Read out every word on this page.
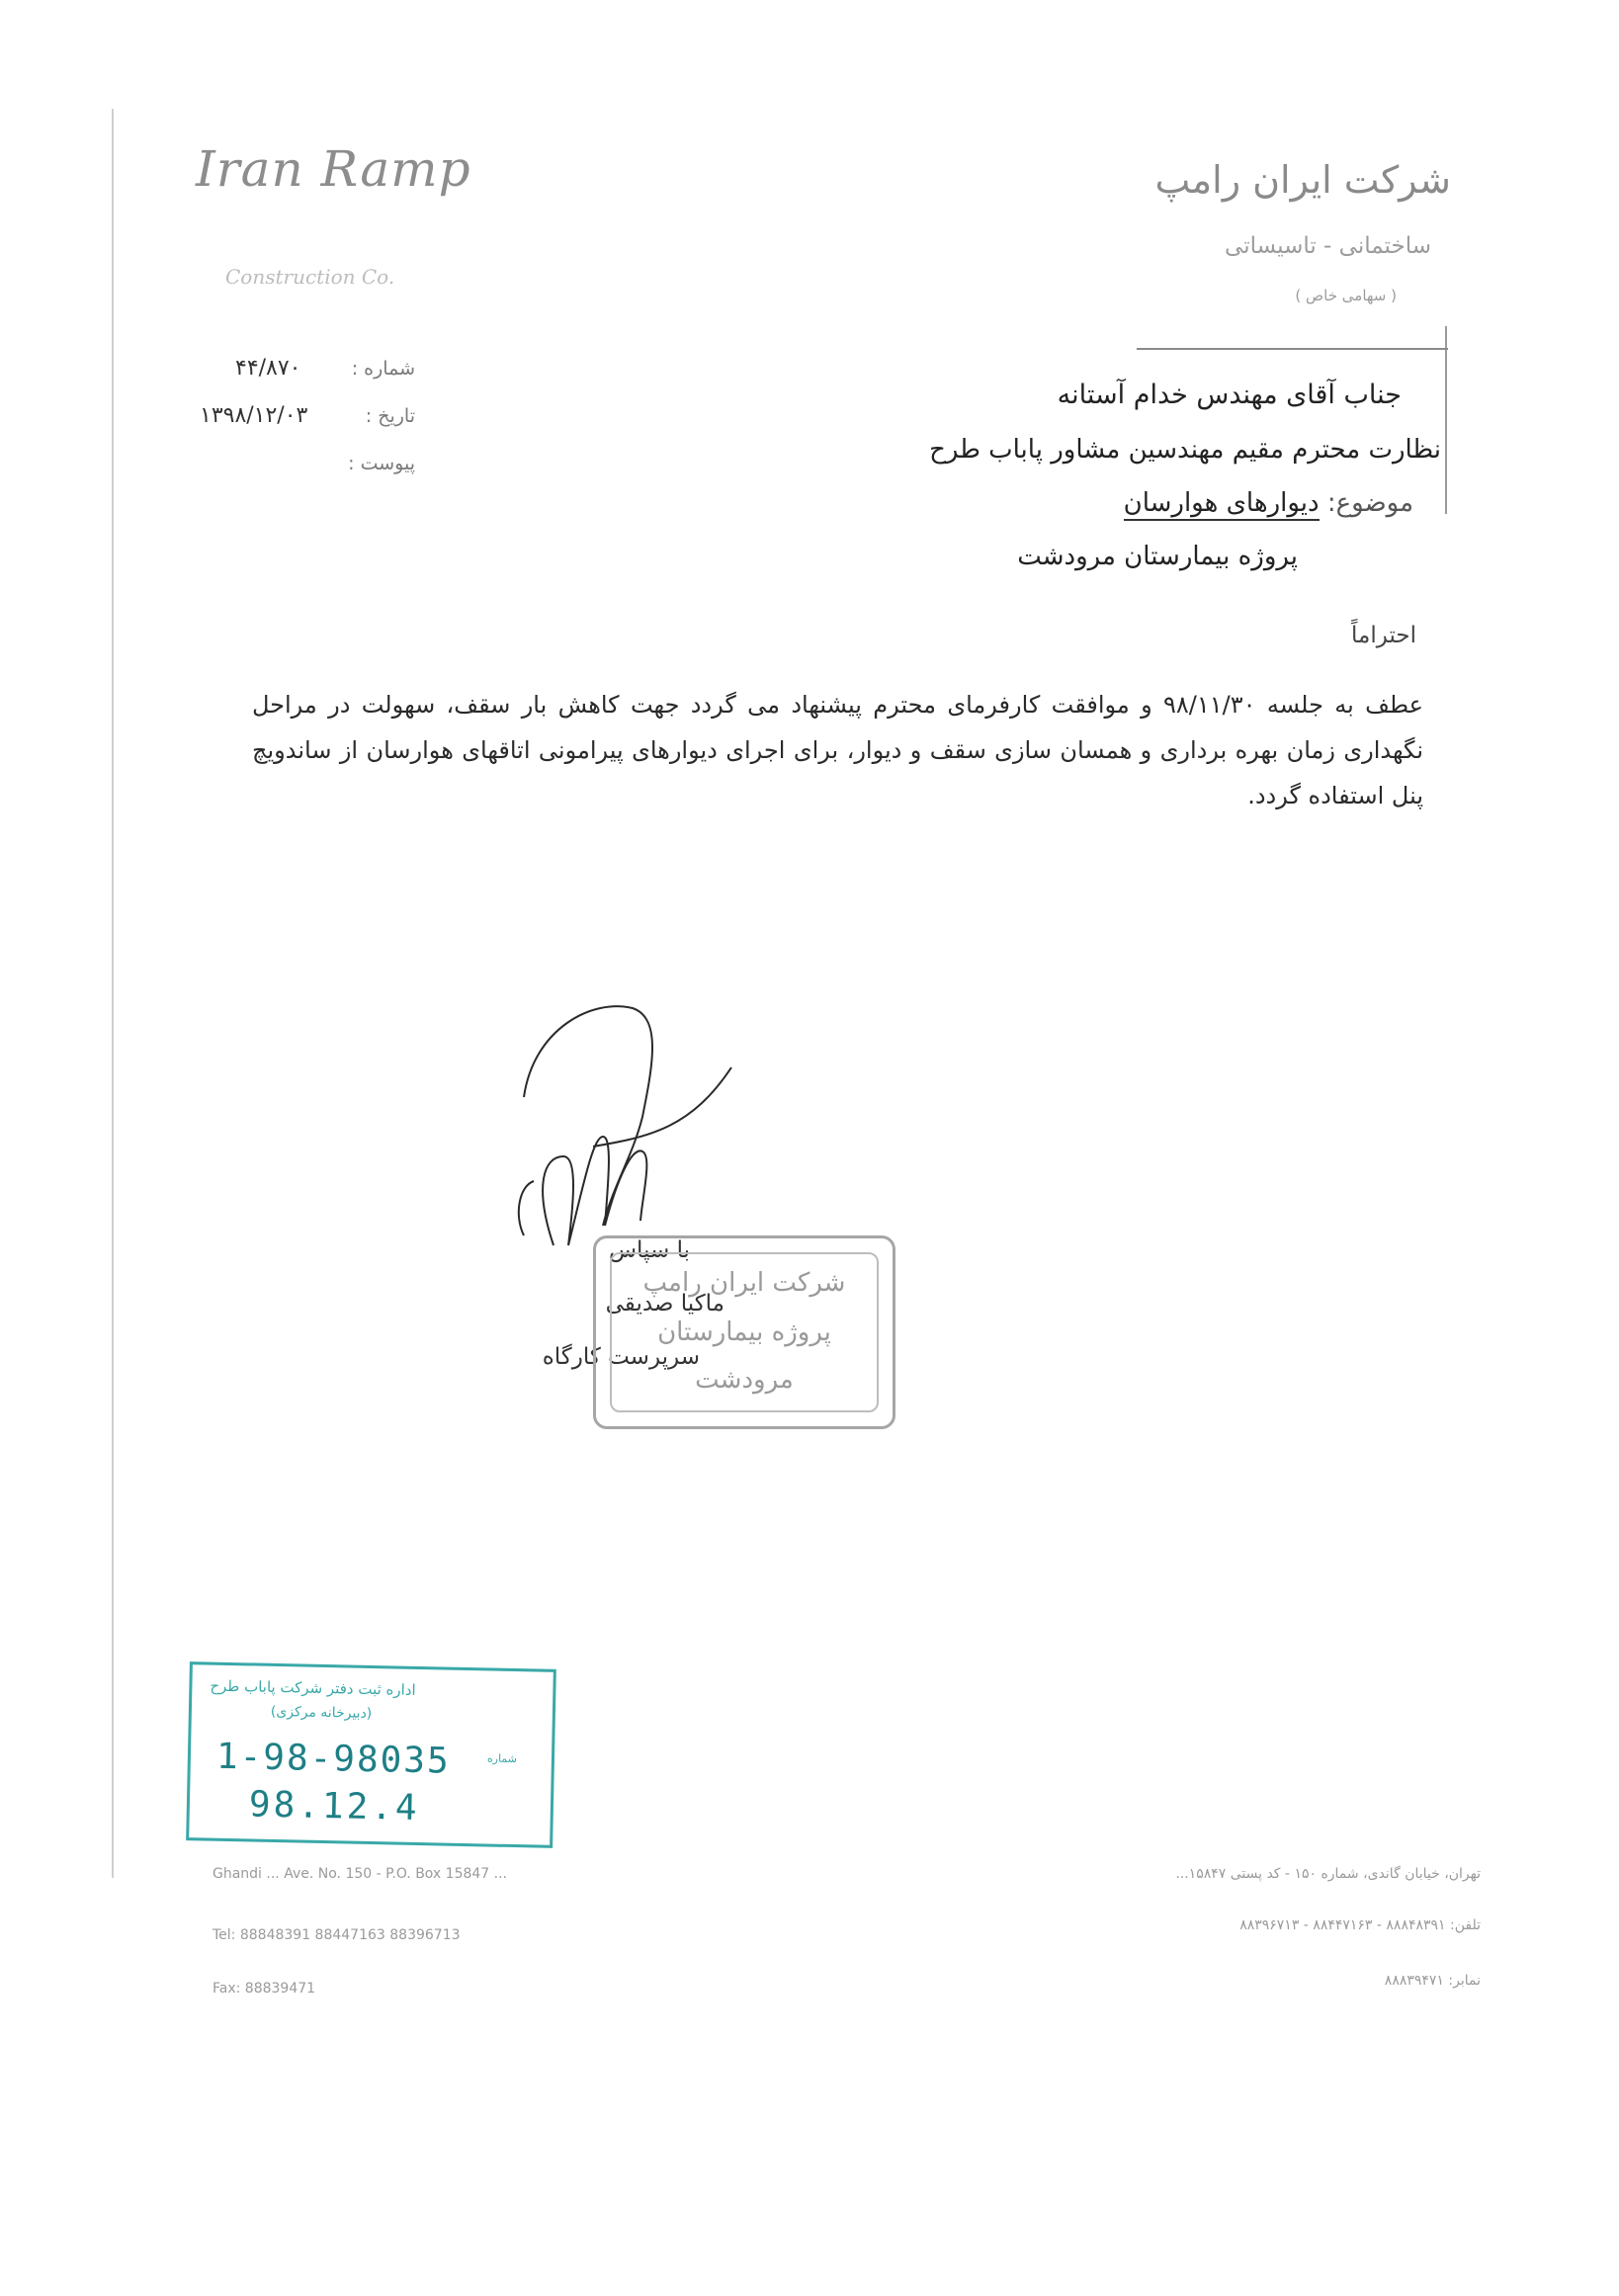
Iran Ramp
Construction Co.
شرکت ایران رامپ
ساختمانی - تاسیساتی
( سهامی خاص )
شماره :
۴۴/۸۷۰
تاریخ :
۱۳۹۸/۱۲/۰۳
پیوست :
جناب آقای مهندس خدام آستانه
نظارت محترم مقیم مهندسین مشاور پاباب طرح
موضوع: دیوارهای هوارسان
پروژه بیمارستان مرودشت
احتراماً
عطف به جلسه ۹۸/۱۱/۳۰ و موافقت کارفرمای محترم پیشنهاد می گردد جهت کاهش بار سقف، سهولت در مراحل نگهداری زمان بهره برداری و همسان سازی سقف و دیوار، برای اجرای دیوارهای پیرامونی اتاقهای هوارسان از ساندویچ پنل استفاده گردد.
با سپاس
ماکیا صدیقی
سرپرست کارگاه
شرکت ایران رامپ
پروژه بیمارستان
مرودشت
اداره ثبت دفتر شرکت پاباب طرح
(دبیرخانه مرکزی)
1-98-98035	شماره
98.12.4
Ghandi ... Ave. No. 150 - P.O. Box 15847 ...
Tel: 88848391 88447163 88396713
Fax: 88839471
تهران، خیابان گاندی، شماره ۱۵۰ - کد پستی ۱۵۸۴۷...
تلفن: ۸۸۸۴۸۳۹۱ - ۸۸۴۴۷۱۶۳ - ۸۸۳۹۶۷۱۳
نمابر: ۸۸۸۳۹۴۷۱
